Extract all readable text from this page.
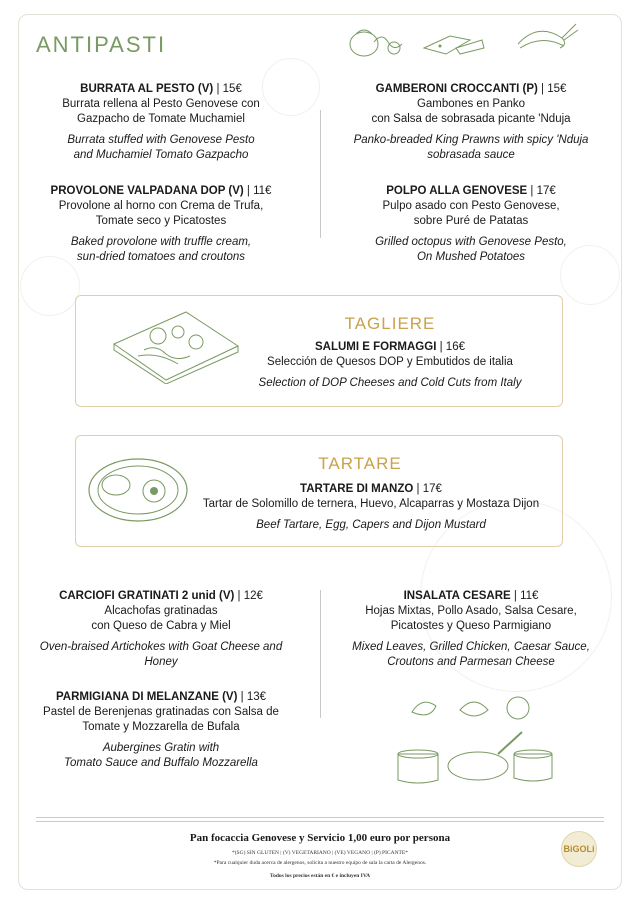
ANTIPASTI
BURRATA AL PESTO (V) | 15€
Burrata rellena al Pesto Genovese con
Gazpacho de Tomate Muchamiel
Burrata stuffed with Genovese Pesto
and Muchamiel Tomato Gazpacho
GAMBERONI CROCCANTI (P) | 15€
Gambones en Panko
con Salsa de sobrasada picante 'Nduja
Panko-breaded King Prawns with spicy 'Nduja
sobrasada sauce
PROVOLONE VALPADANA DOP (V) | 11€
Provolone al horno con Crema de Trufa,
Tomate seco y Picatostes
Baked provolone with truffle cream,
sun-dried tomatoes and croutons
POLPO ALLA GENOVESE | 17€
Pulpo asado con Pesto Genovese,
sobre Puré de Patatas
Grilled octopus with Genovese Pesto,
On Mushed Potatoes
TAGLIERE
SALUMI E FORMAGGI | 16€
Selección de Quesos DOP y Embutidos de italia
Selection of DOP Cheeses and Cold Cuts from Italy
TARTARE
TARTARE DI MANZO | 17€
Tartar de Solomillo de ternera, Huevo, Alcaparras y Mostaza Dijon
Beef Tartare, Egg, Capers and Dijon Mustard
CARCIOFI GRATINATI 2 unid (V) | 12€
Alcachofas gratinadas
con Queso de Cabra y Miel
Oven-braised Artichokes with Goat Cheese and
Honey
INSALATA CESARE | 11€
Hojas Mixtas, Pollo Asado, Salsa Cesare,
Picatostes y Queso Parmigiano
Mixed Leaves, Grilled Chicken, Caesar Sauce,
Croutons and Parmesan Cheese
PARMIGIANA DI MELANZANE (V) | 13€
Pastel de Berenjenas gratinadas con Salsa de
Tomate y Mozzarella de Bufala
Aubergines Gratin with
Tomato Sauce and Buffalo Mozzarella
Pan focaccia Genovese y Servicio 1,00 euro por persona
*(SG) SIN GLUTEN | (V) VEGETARIANO | (VE) VEGANO | (P) PICANTE*
*Para cualquier duda acerca de alergenos, solicita a nuestro equipo de sala la carta de Alergenos.
Todos los precios están en € e incluyen IVA
BiGOLi
